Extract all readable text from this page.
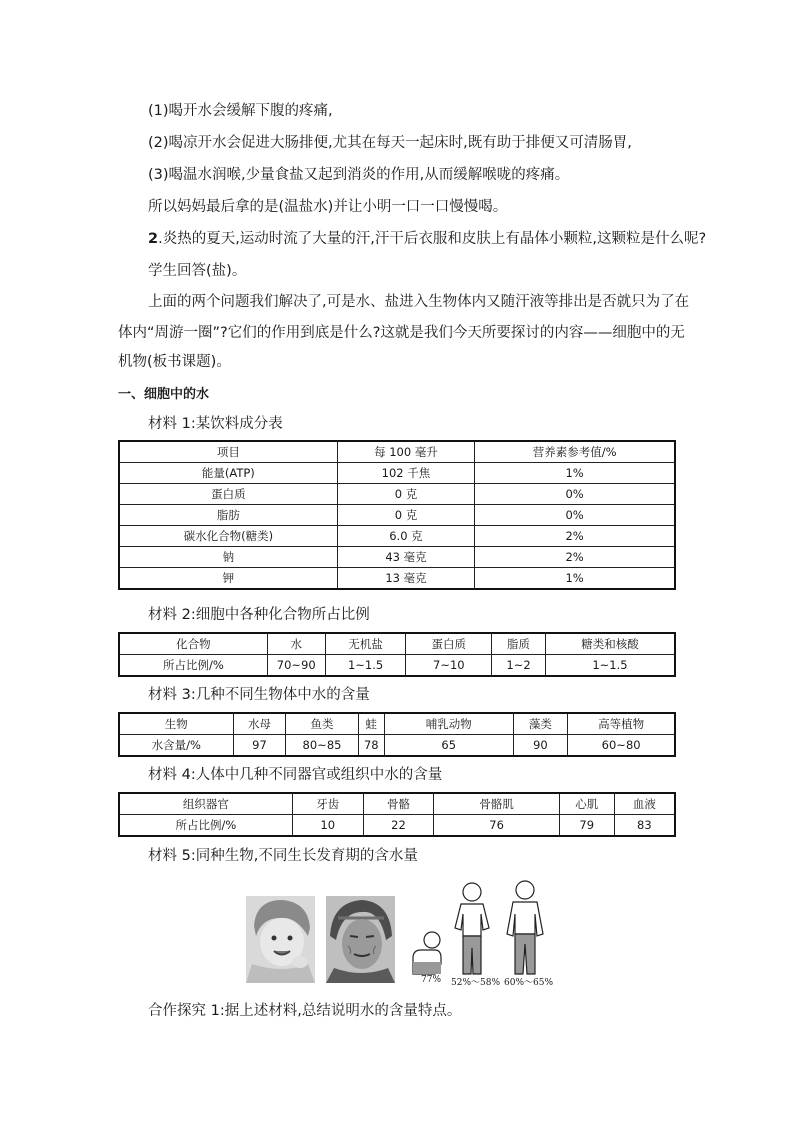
(1)喝开水会缓解下腹的疼痛,
(2)喝凉开水会促进大肠排便,尤其在每天一起床时,既有助于排便又可清肠胃,
(3)喝温水润喉,少量食盐又起到消炎的作用,从而缓解喉咙的疼痛。
所以妈妈最后拿的是(温盐水)并让小明一口一口慢慢喝。
2.炎热的夏天,运动时流了大量的汗,汗干后衣服和皮肤上有晶体小颗粒,这颗粒是什么呢?
学生回答(盐)。
上面的两个问题我们解决了,可是水、盐进入生物体内又随汗液等排出是否就只为了在
体内“周游一圈”?它们的作用到底是什么?这就是我们今天所要探讨的内容——细胞中的无
机物(板书课题)。
一、细胞中的水
材料 1:某饮料成分表
项目	每 100 毫升	营养素参考值/%
能量(ATP)	102 千焦	1%
蛋白质	0 克	0%
脂肪	0 克	0%
碳水化合物(糖类)	6.0 克	2%
钠	43 毫克	2%
钾	13 毫克	1%
材料 2:细胞中各种化合物所占比例
化合物	水	无机盐	蛋白质	脂质	糖类和核酸
所占比例/%	70~90	1~1.5	7~10	1~2	1~1.5
材料 3:几种不同生物体中水的含量
生物	水母	鱼类	蛙	哺乳动物	藻类	高等植物
水含量/%	97	80~85	78	65	90	60~80
材料 4:人体中几种不同器官或组织中水的含量
组织器官	牙齿	骨骼	骨骼肌	心肌	血液
所占比例/%	10	22	76	79	83
材料 5:同种生物,不同生长发育期的含水量
77% 52%～58% 60%～65%
合作探究 1:据上述材料,总结说明水的含量特点。
